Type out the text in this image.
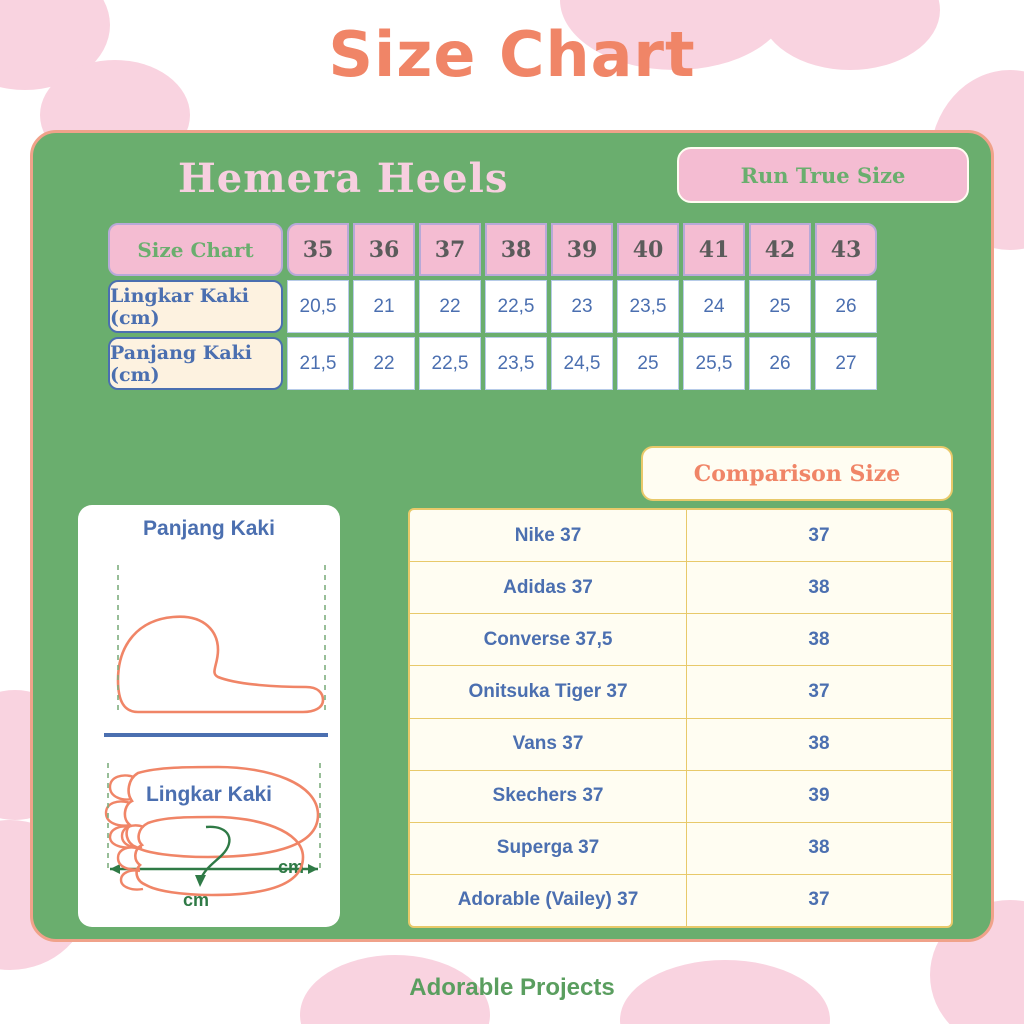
Size Chart
Hemera Heels	Run True Size
Size Chart	35	36	37	38	39	40	41	42	43
Lingkar Kaki (cm)
20,5	21	22	22,5	23	23,5	24	25	26
Panjang Kaki (cm)
21,5	22	22,5	23,5	24,5	25	25,5	26	27
Comparison Size
Nike 37	37
Adidas 37	38
Converse 37,5	38
Onitsuka Tiger 37	37
Vans 37	38
Skechers 37	39
Superga 37	38
Adorable (Vailey) 37	37
Panjang Kaki
Lingkar Kaki
cm
cm
Adorable Projects
